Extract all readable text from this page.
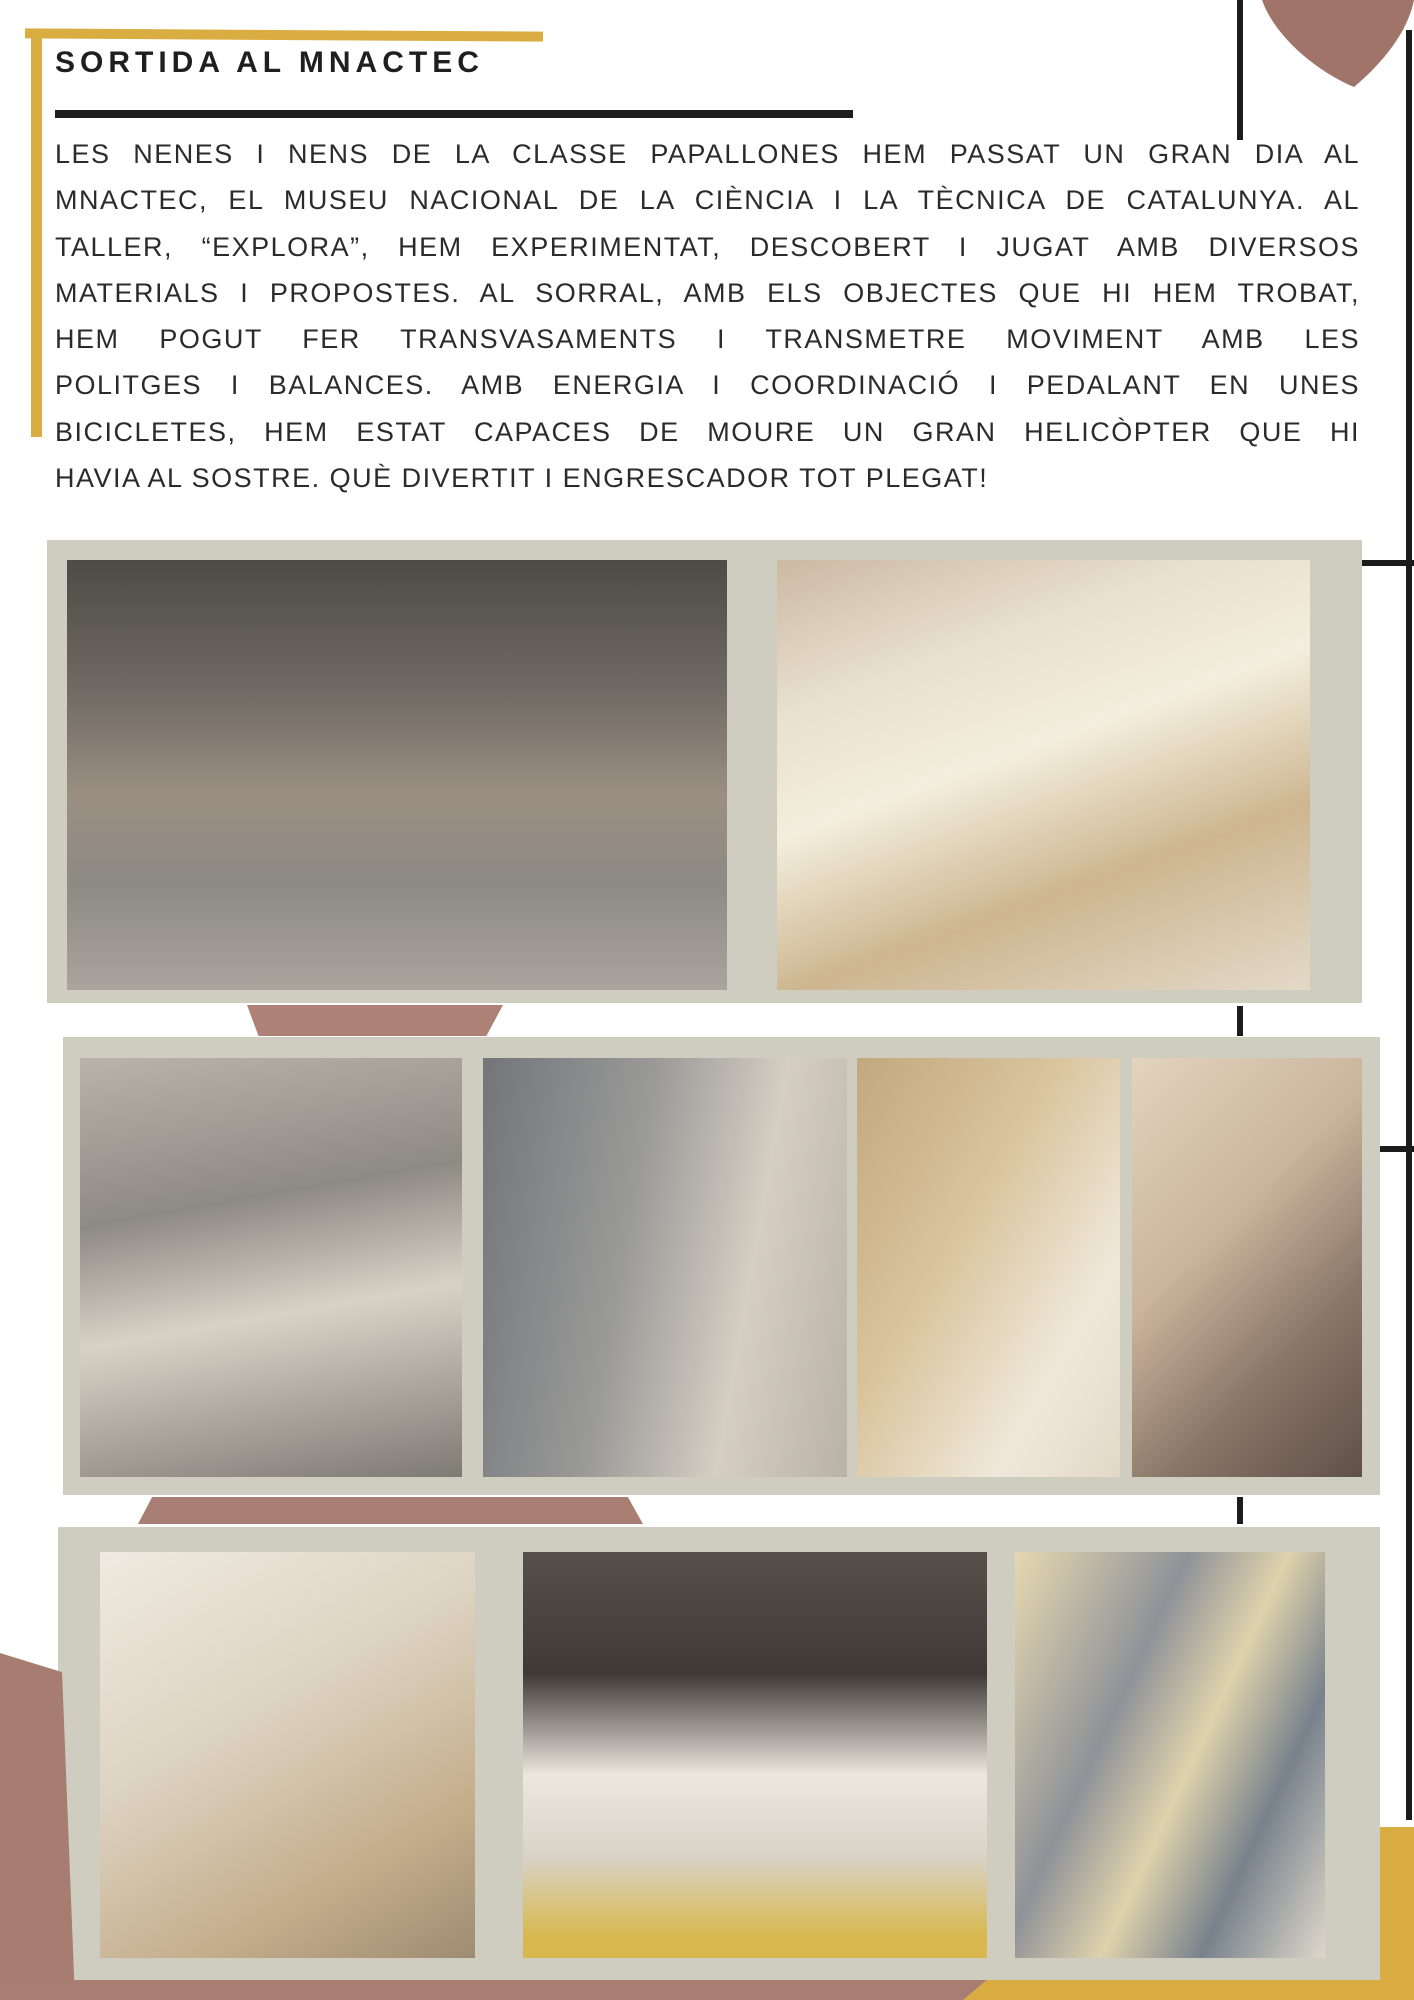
SORTIDA AL MNACTEC
LES NENES I NENS DE LA CLASSE PAPALLONES HEM PASSAT UN GRAN DIA AL
MNACTEC, EL MUSEU NACIONAL DE LA CIÈNCIA I LA TÈCNICA DE CATALUNYA. AL
TALLER, “EXPLORA”, HEM EXPERIMENTAT, DESCOBERT I JUGAT AMB DIVERSOS
MATERIALS I PROPOSTES. AL SORRAL, AMB ELS OBJECTES QUE HI HEM TROBAT,
HEM POGUT FER TRANSVASAMENTS I TRANSMETRE MOVIMENT AMB LES
POLITGES I BALANCES. AMB ENERGIA I COORDINACIÓ I PEDALANT EN UNES
BICICLETES, HEM ESTAT CAPACES DE MOURE UN GRAN HELICÒPTER QUE HI
HAVIA AL SOSTRE. QUÈ DIVERTIT I ENGRESCADOR TOT PLEGAT!
